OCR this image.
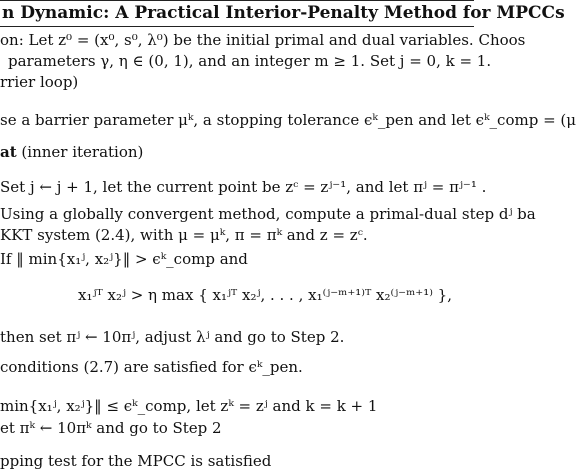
n Dynamic: A Practical Interior-Penalty Method for MPCCs
on: Let z⁰ = (x⁰, s⁰, λ⁰) be the initial primal and dual variables. Choos
parameters γ, η ∈ (0, 1), and an integer m ≥ 1. Set j = 0, k = 1.
rrier loop)
se a barrier parameter μᵏ, a stopping tolerance ϵᵏ_pen and let ϵᵏ_comp = (μ
at (inner iteration)
Set j ← j + 1, let the current point be zᶜ = zʲ⁻¹, and let πʲ = πʲ⁻¹ .
Using a globally convergent method, compute a primal-dual step dʲ ba
KKT system (2.4), with μ = μᵏ, π = πᵏ and z = zᶜ.
If ‖ min{x₁ʲ, x₂ʲ}‖ > ϵᵏ_comp and
x₁ʲᵀ x₂ʲ > η max { x₁ʲᵀ x₂ʲ, . . . , x₁⁽ʲ⁻ᵐ⁺¹⁾ᵀ x₂⁽ʲ⁻ᵐ⁺¹⁾ },
then set πʲ ← 10πʲ, adjust λʲ and go to Step 2.
conditions (2.7) are satisfied for ϵᵏ_pen.
min{x₁ʲ, x₂ʲ}‖ ≤ ϵᵏ_comp, let zᵏ = zʲ and k = k + 1
et πᵏ ← 10πᵏ and go to Step 2
pping test for the MPCC is satisfied
